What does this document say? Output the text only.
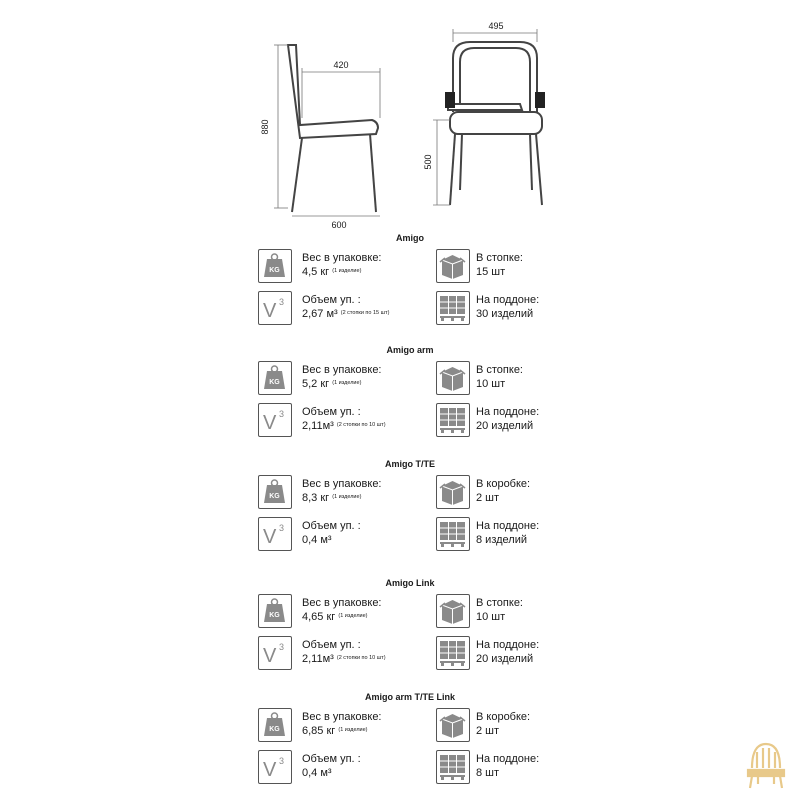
880
420
600
495
500
Amigo
KG
Вес в упаковке:
4,5 кг $^{(1 изделие)}$
V 3 Объем уп. :
2,67 м³ $^{(2 стопки по 15 шт)}$
В стопке:
15 шт
На поддоне:
30 изделий
Amigo arm
KG
Вес в упаковке:
5,2 кг $^{(1 изделие)}$
V 3 Объем уп. :
2,11м³ $^{(2 стопки по 10 шт)}$
В стопке:
10 шт
На поддоне:
20 изделий
Amigo T/TE
KG
Вес в упаковке:
8,3 кг $^{(1 изделие)}$
V 3 Объем уп. :
0,4 м³
В коробке:
2 шт
На поддоне:
8 изделий
Amigo Link
KG
Вес в упаковке:
4,65 кг $^{(1 изделие)}$
V 3 Объем уп. :
2,11м³ $^{(2 стопки по 10 шт)}$
В стопке:
10 шт
На поддоне:
20 изделий
Amigo arm T/TE Link
KG
Вес в упаковке:
6,85 кг $^{(1 изделие)}$
V 3 Объем уп. :
0,4 м³
В коробке:
2 шт
На поддоне:
8 шт
